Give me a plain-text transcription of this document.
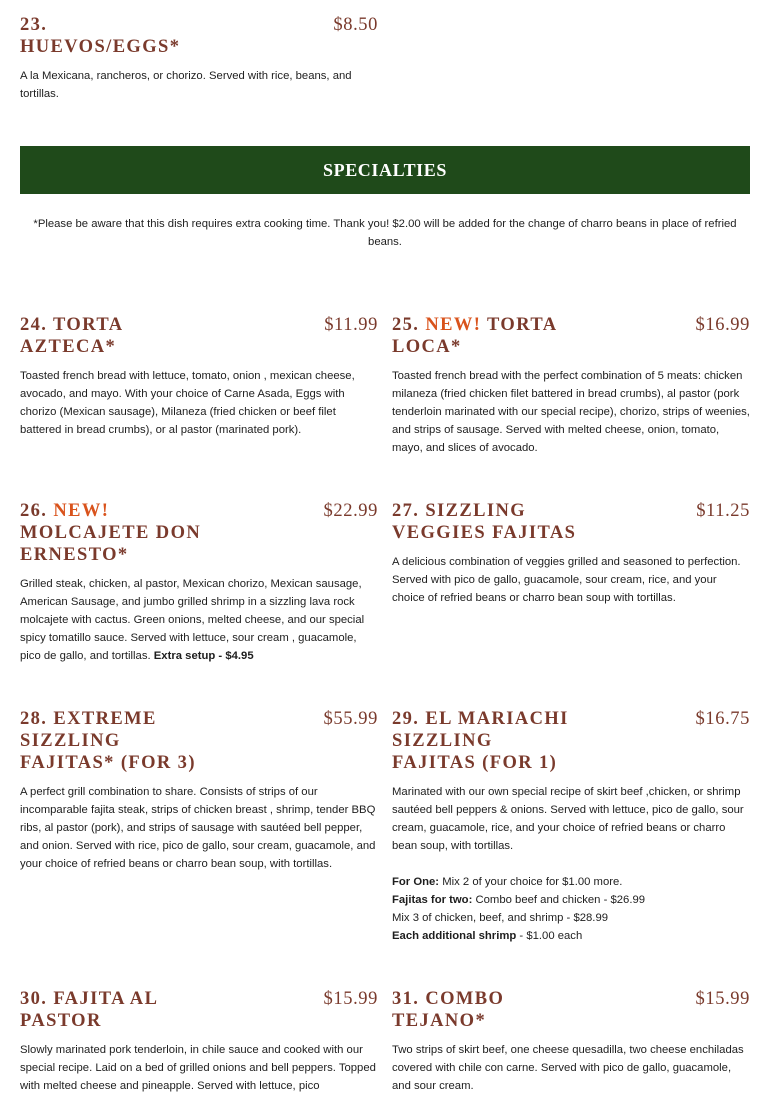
23.
HUEVOS/EGGS*
$8.50
A la Mexicana, rancheros, or chorizo. Served with rice, beans, and tortillas.
SPECIALTIES
*Please be aware that this dish requires extra cooking time. Thank you! $2.00 will be added for the change of charro beans in place of refried beans.
24. TORTA AZTECA*
$11.99
Toasted french bread with lettuce, tomato, onion , mexican cheese, avocado, and mayo. With your choice of Carne Asada, Eggs with chorizo (Mexican sausage), Milaneza (fried chicken or beef filet battered in bread crumbs), or al pastor (marinated pork).
25. NEW! TORTA LOCA*
$16.99
Toasted french bread with the perfect combination of 5 meats: chicken milaneza (fried chicken filet battered in bread crumbs), al pastor (pork tenderloin marinated with our special recipe), chorizo, strips of weenies, and strips of sausage. Served with melted cheese, onion, tomato, mayo, and slices of avocado.
26. NEW!
MOLCAJETE DON ERNESTO*
$22.99
Grilled steak, chicken, al pastor, Mexican chorizo, Mexican sausage, American Sausage, and jumbo grilled shrimp in a sizzling lava rock molcajete with cactus. Green onions, melted cheese, and our special spicy tomatillo sauce. Served with lettuce, sour cream , guacamole, pico de gallo, and tortillas. Extra setup - $4.95
27. SIZZLING VEGGIES FAJITAS
$11.25
A delicious combination of veggies grilled and seasoned to perfection. Served with pico de gallo, guacamole, sour cream, rice, and your choice of refried beans or charro bean soup with tortillas.
28. EXTREME SIZZLING FAJITAS* (FOR 3)
$55.99
A perfect grill combination to share. Consists of strips of our incomparable fajita steak, strips of chicken breast , shrimp, tender BBQ ribs, al pastor (pork), and strips of sausage with sautéed bell pepper, and onion. Served with rice, pico de gallo, sour cream, guacamole, and your choice of refried beans or charro bean soup, with tortillas.
29. EL MARIACHI SIZZLING FAJITAS (FOR 1)
$16.75
Marinated with our own special recipe of skirt beef ,chicken, or shrimp sautéed bell peppers & onions. Served with lettuce, pico de gallo, sour cream, guacamole, rice, and your choice of refried beans or charro bean soup, with tortillas.
For One: Mix 2 of your choice for $1.00 more.
Fajitas for two: Combo beef and chicken - $26.99
Mix 3 of chicken, beef, and shrimp - $28.99
Each additional shrimp - $1.00 each
30. FAJITA AL PASTOR
$15.99
Slowly marinated pork tenderloin, in chile sauce and cooked with our special recipe. Laid on a bed of grilled onions and bell peppers. Topped with melted cheese and pineapple. Served with lettuce, pico
31. COMBO TEJANO*
$15.99
Two strips of skirt beef, one cheese quesadilla, two cheese enchiladas covered with chile con carne. Served with pico de gallo, guacamole, and sour cream.
